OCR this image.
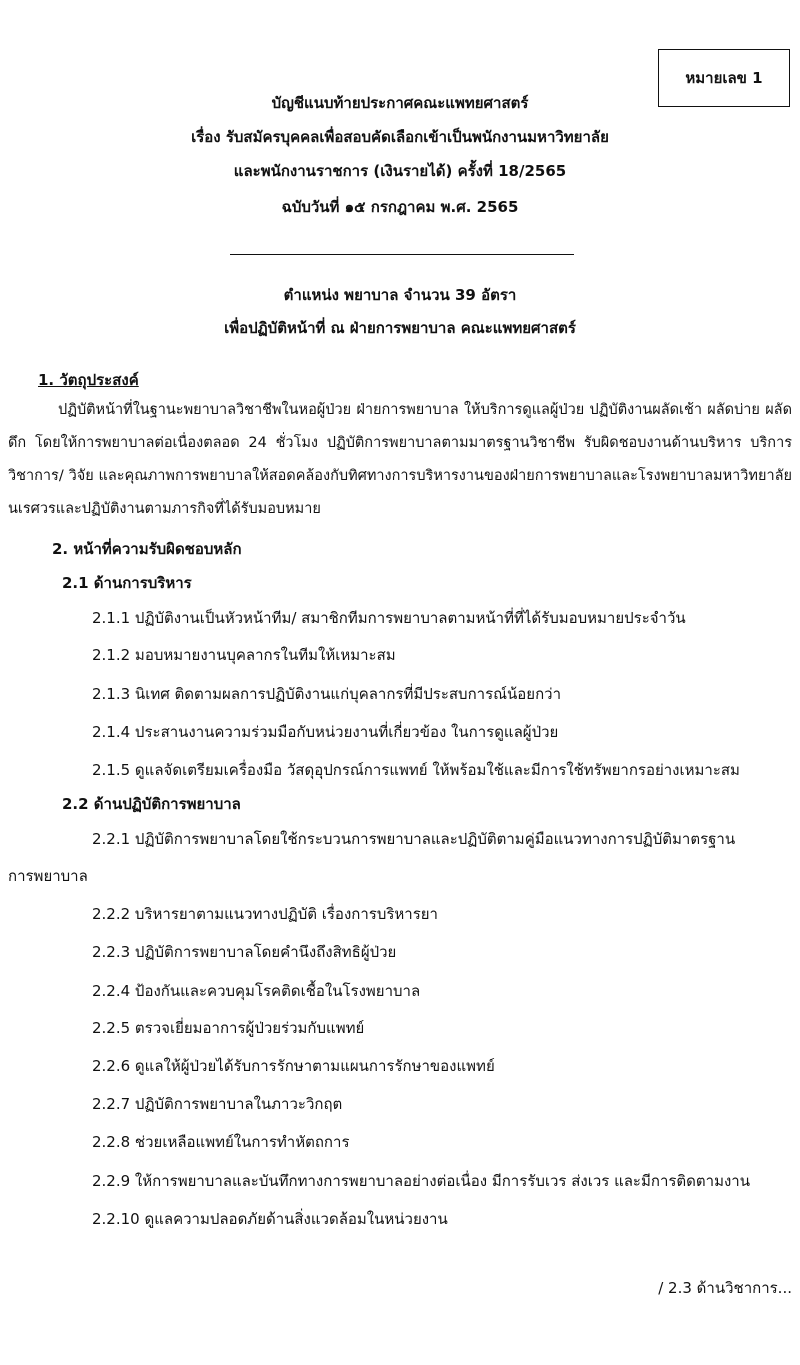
หมายเลข 1
บัญชีแนบท้ายประกาศคณะแพทยศาสตร์
เรื่อง รับสมัครบุคคลเพื่อสอบคัดเลือกเข้าเป็นพนักงานมหาวิทยาลัย
และพนักงานราชการ (เงินรายได้) ครั้งที่ 18/2565
ฉบับวันที่ ๑๕ กรกฎาคม พ.ศ. 2565
ตำแหน่ง พยาบาล จำนวน 39 อัตรา
เพื่อปฏิบัติหน้าที่ ณ ฝ่ายการพยาบาล คณะแพทยศาสตร์
1. วัตถุประสงค์
ปฏิบัติหน้าที่ในฐานะพยาบาลวิชาชีพในหอผู้ป่วย ฝ่ายการพยาบาล ให้บริการดูแลผู้ป่วย ปฏิบัติงานผลัดเช้า ผลัดบ่าย ผลัดดึก โดยให้การพยาบาลต่อเนื่องตลอด 24 ชั่วโมง ปฏิบัติการพยาบาลตามมาตรฐานวิชาชีพ รับผิดชอบงานด้านบริหาร บริการ วิชาการ/ วิจัย และคุณภาพการพยาบาลให้สอดคล้องกับทิศทางการบริหารงานของฝ่ายการพยาบาลและโรงพยาบาลมหาวิทยาลัยนเรศวรและปฏิบัติงานตามภารกิจที่ได้รับมอบหมาย
2. หน้าที่ความรับผิดชอบหลัก
2.1 ด้านการบริหาร
2.1.1 ปฏิบัติงานเป็นหัวหน้าทีม/ สมาชิกทีมการพยาบาลตามหน้าที่ที่ได้รับมอบหมายประจำวัน
2.1.2 มอบหมายงานบุคลากรในทีมให้เหมาะสม
2.1.3 นิเทศ ติดตามผลการปฏิบัติงานแก่บุคลากรที่มีประสบการณ์น้อยกว่า
2.1.4 ประสานงานความร่วมมือกับหน่วยงานที่เกี่ยวข้อง ในการดูแลผู้ป่วย
2.1.5 ดูแลจัดเตรียมเครื่องมือ วัสดุอุปกรณ์การแพทย์ ให้พร้อมใช้และมีการใช้ทรัพยากรอย่างเหมาะสม
2.2 ด้านปฏิบัติการพยาบาล
2.2.1 ปฏิบัติการพยาบาลโดยใช้กระบวนการพยาบาลและปฏิบัติตามคู่มือแนวทางการปฏิบัติมาตรฐาน
การพยาบาล
2.2.2 บริหารยาตามแนวทางปฏิบัติ เรื่องการบริหารยา
2.2.3 ปฏิบัติการพยาบาลโดยคำนึงถึงสิทธิผู้ป่วย
2.2.4 ป้องกันและควบคุมโรคติดเชื้อในโรงพยาบาล
2.2.5 ตรวจเยี่ยมอาการผู้ป่วยร่วมกับแพทย์
2.2.6 ดูแลให้ผู้ป่วยได้รับการรักษาตามแผนการรักษาของแพทย์
2.2.7 ปฏิบัติการพยาบาลในภาวะวิกฤต
2.2.8 ช่วยเหลือแพทย์ในการทำหัตถการ
2.2.9 ให้การพยาบาลและบันทึกทางการพยาบาลอย่างต่อเนื่อง มีการรับเวร ส่งเวร และมีการติดตามงาน
2.2.10 ดูแลความปลอดภัยด้านสิ่งแวดล้อมในหน่วยงาน
/ 2.3 ด้านวิชาการ...
